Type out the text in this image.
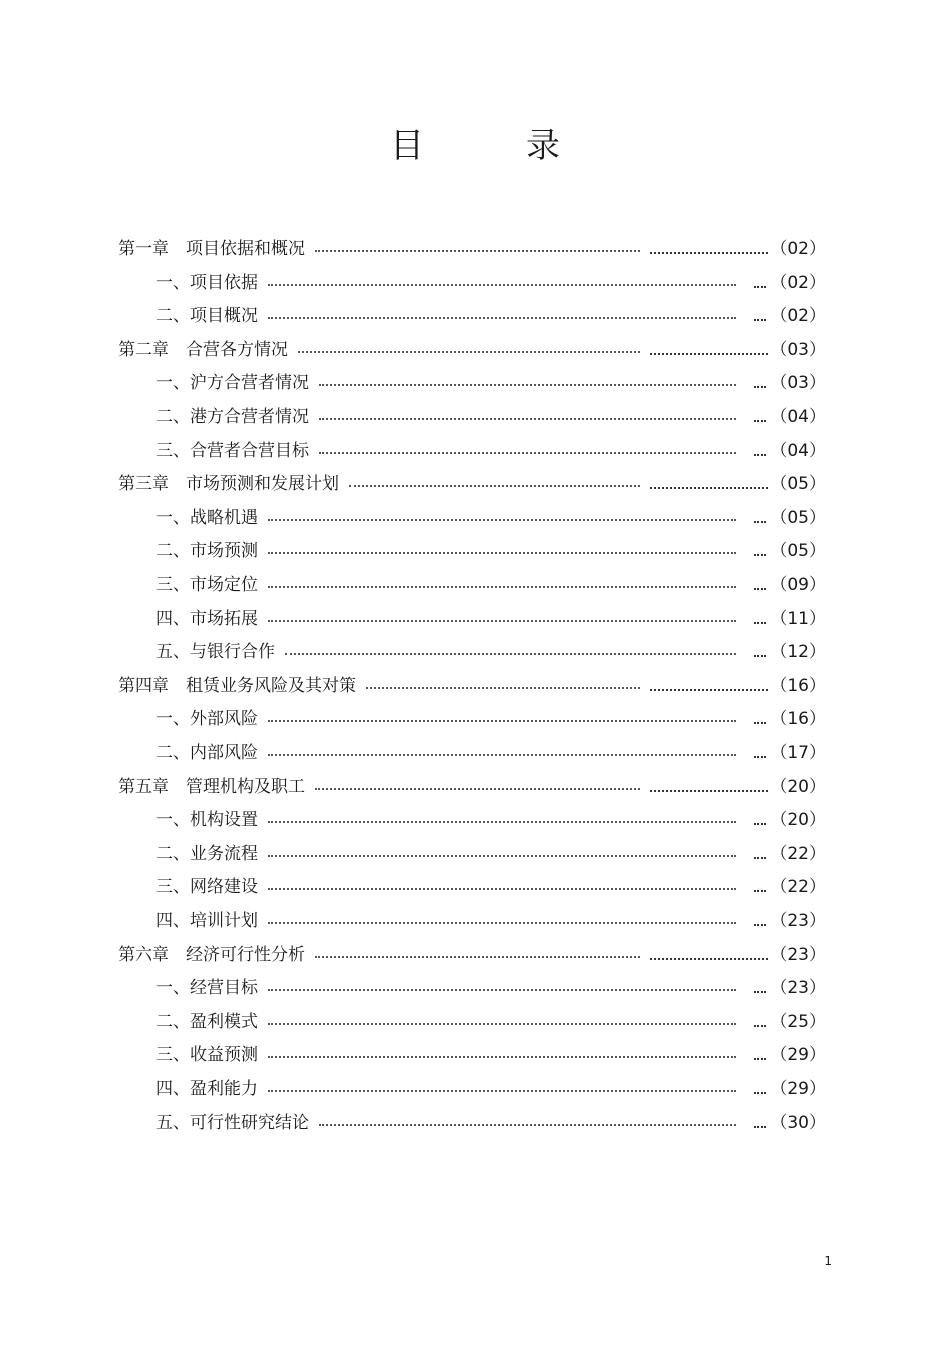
目　录
第一章　项目依据和概况	（02）
一、项目依据	（02）
二、项目概况	（02）
第二章　合营各方情况	（03）
一、沪方合营者情况	（03）
二、港方合营者情况	（04）
三、合营者合营目标	（04）
第三章　市场预测和发展计划	（05）
一、战略机遇	（05）
二、市场预测	（05）
三、市场定位	（09）
四、市场拓展	（11）
五、与银行合作	（12）
第四章　租赁业务风险及其对策	（16）
一、外部风险	（16）
二、内部风险	（17）
第五章　管理机构及职工	（20）
一、机构设置	（20）
二、业务流程	（22）
三、网络建设	（22）
四、培训计划	（23）
第六章　经济可行性分析	（23）
一、经营目标	（23）
二、盈利模式	（25）
三、收益预测	（29）
四、盈利能力	（29）
五、可行性研究结论	（30）
1
